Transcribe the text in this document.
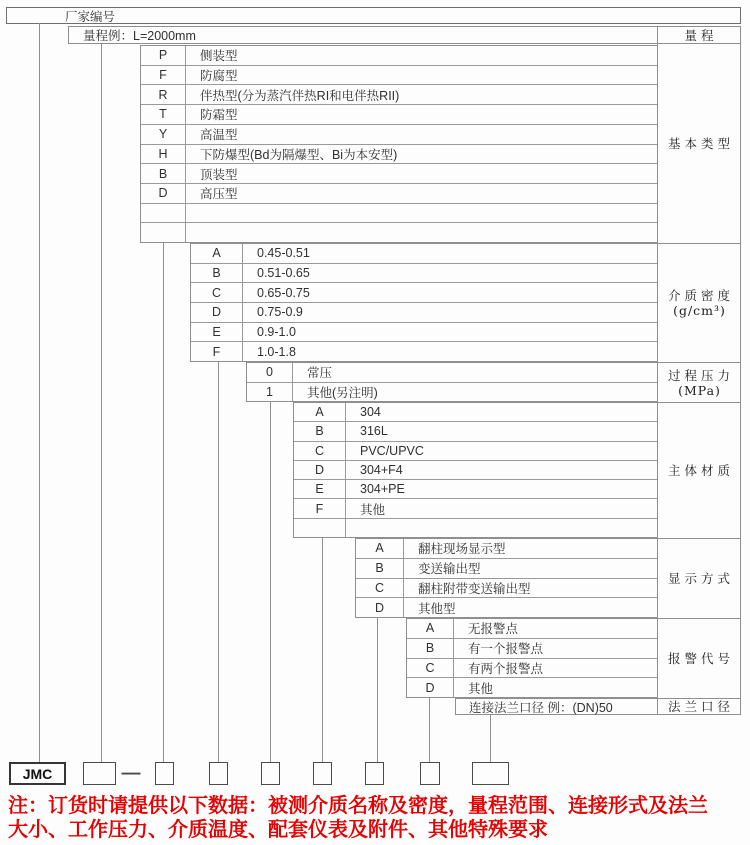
厂家编号
量程例：L=2000mm
P	侧装型
F	防腐型
R	伴热型(分为蒸汽伴热RI和电伴热RII)
T	防霜型
Y	高温型
H	下防爆型(Bd为隔爆型、Bi为本安型)
B	顶装型
D	高压型
A	0.45-0.51
B	0.51-0.65
C	0.65-0.75
D	0.75-0.9
E	0.9-1.0
F	1.0-1.8
0	常压
1	其他(另注明)
A	304
B	316L
C	PVC/UPVC
D	304+F4
E	304+PE
F	其他
A	翻柱现场显示型
B	变送输出型
C	翻柱附带变送输出型
D	其他型
A	无报警点
B	有一个报警点
C	有两个报警点
D	其他
连接法兰口径 例：(DN)50
量程
基本类型
介质密度
(g/cm³)
过程压力
(MPa)
主体材质
显示方式
报警代号
法兰口径
JMC	—
注：订货时请提供以下数据：被测介质名称及密度，量程范围、连接形式及法兰大小、工作压力、介质温度、配套仪表及附件、其他特殊要求
